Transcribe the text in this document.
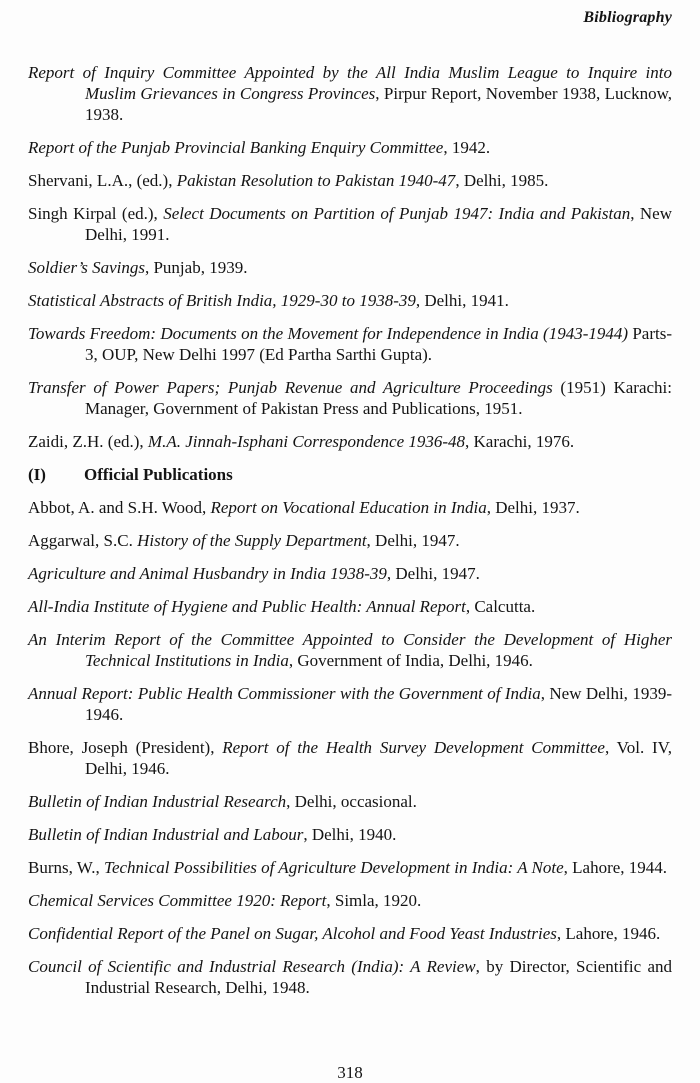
Bibliography

Report of Inquiry Committee Appointed by the All India Muslim League to Inquire into Muslim Grievances in Congress Provinces, Pirpur Report, November 1938, Lucknow, 1938.

Report of the Punjab Provincial Banking Enquiry Committee, 1942.

Shervani, L.A., (ed.), Pakistan Resolution to Pakistan 1940-47, Delhi, 1985.

Singh Kirpal (ed.), Select Documents on Partition of Punjab 1947: India and Pakistan, New Delhi, 1991.

Soldier’s Savings, Punjab, 1939.

Statistical Abstracts of British India, 1929-30 to 1938-39, Delhi, 1941.

Towards Freedom: Documents on the Movement for Independence in India (1943-1944) Parts-3, OUP, New Delhi 1997 (Ed Partha Sarthi Gupta).

Transfer of Power Papers; Punjab Revenue and Agriculture Proceedings (1951) Karachi: Manager, Government of Pakistan Press and Publications, 1951.

Zaidi, Z.H. (ed.), M.A. Jinnah-Isphani Correspondence 1936-48, Karachi, 1976.

(I) Official Publications

Abbot, A. and S.H. Wood, Report on Vocational Education in India, Delhi, 1937.

Aggarwal, S.C. History of the Supply Department, Delhi, 1947.

Agriculture and Animal Husbandry in India 1938-39, Delhi, 1947.

All-India Institute of Hygiene and Public Health: Annual Report, Calcutta.

An Interim Report of the Committee Appointed to Consider the Development of Higher Technical Institutions in India, Government of India, Delhi, 1946.

Annual Report: Public Health Commissioner with the Government of India, New Delhi, 1939-1946.

Bhore, Joseph (President), Report of the Health Survey Development Committee, Vol. IV, Delhi, 1946.

Bulletin of Indian Industrial Research, Delhi, occasional.

Bulletin of Indian Industrial and Labour, Delhi, 1940.

Burns, W., Technical Possibilities of Agriculture Development in India: A Note, Lahore, 1944.

Chemical Services Committee 1920: Report, Simla, 1920.

Confidential Report of the Panel on Sugar, Alcohol and Food Yeast Industries, Lahore, 1946.

Council of Scientific and Industrial Research (India): A Review, by Director, Scientific and Industrial Research, Delhi, 1948.

318
